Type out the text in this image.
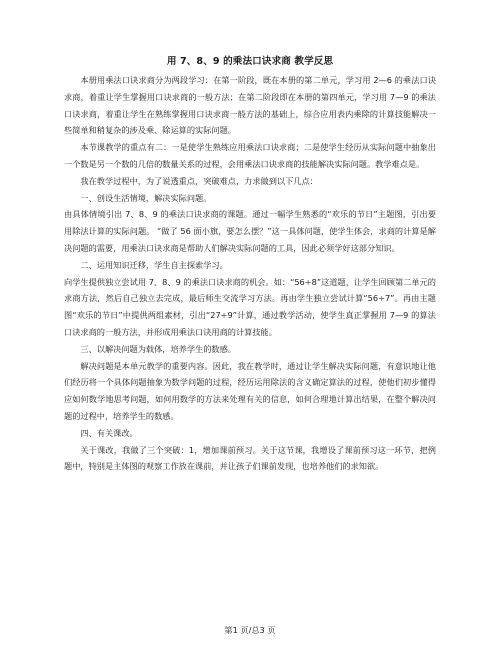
用 7、8、9 的乘法口诀求商 教学反思

本册用乘法口诀求商分为两段学习：在第一阶段，既在本册的第二单元，学习用 2—6 的乘法口诀求商，着重让学生掌握用口诀求商的一般方法；在第二阶段即在本册的第四单元，学习用 7—9 的乘法口诀求商，着重让学生在熟练掌握用口诀求商一般方法的基础上，综合应用表内乘除的计算技能解决一些简单和稍复杂的涉及乘、除运算的实际问题。

本节课教学的重点有二：一是使学生熟练应用乘法口诀求商；二是使学生经历从实际问题中抽象出一个数是另一个数的几倍的数量关系的过程，会用乘法口诀求商的技能解决实际问题。教学难点是。

我在教学过程中，为了说透重点，突破难点，力求做到以下几点：

一、创设生活情境，解决实际问题。

由具体情境引出 7、8、9 的乘法口诀求商的课题。通过一幅学生熟悉的“欢乐的节日”主题图，引出要用除法计算的实际问题。 “做了 56 面小旗，要怎么摆？”这一具体问题，使学生体会，求商的计算是解决问题的需要，用乘法口诀求商是帮助人们解决实际问题的工具，因此必须学好这部分知识。

二、运用知识迁移，学生自主探索学习。

向学生提供独立尝试用 7、8、9 的乘法口诀求商的机会。如：“56÷8”这道题，让学生回顾第二单元的求商方法，然后自己独立去完成，最后师生交流学习方法。再由学生独立尝试计算“56÷7”。再由主题图“欢乐的节日”中提供两组素材，引出“27÷9”计算，通过教学活动，使学生真正掌握用 7—9 的算法口诀求商的一般方法，并形成用乘法口诀用商的计算技能。

三、以解决问题为载体，培养学生的数感。

解决问题是本单元教学的重要内容。因此，我在教学时，通过让学生解决实际问题，有意识地让他们经历将一个具体问题抽象为数学问题的过程，经历运用除法的含义确定算法的过程，使他们初步懂得应如何数学地思考问题，如何用数学的方法来处理有关的信息，如何合理地计算出结果，在整个解决问题的过程中，培养学生的数感。

四、有关课改。

关于课改，我做了三个突破：1，增加课前预习。关于这节课，我增设了课前预习这一环节，把例题中，特别是主体图的观察工作放在课前，并让孩子们课前发现，也培养他们的求知欲。

第1 页/总3 页
